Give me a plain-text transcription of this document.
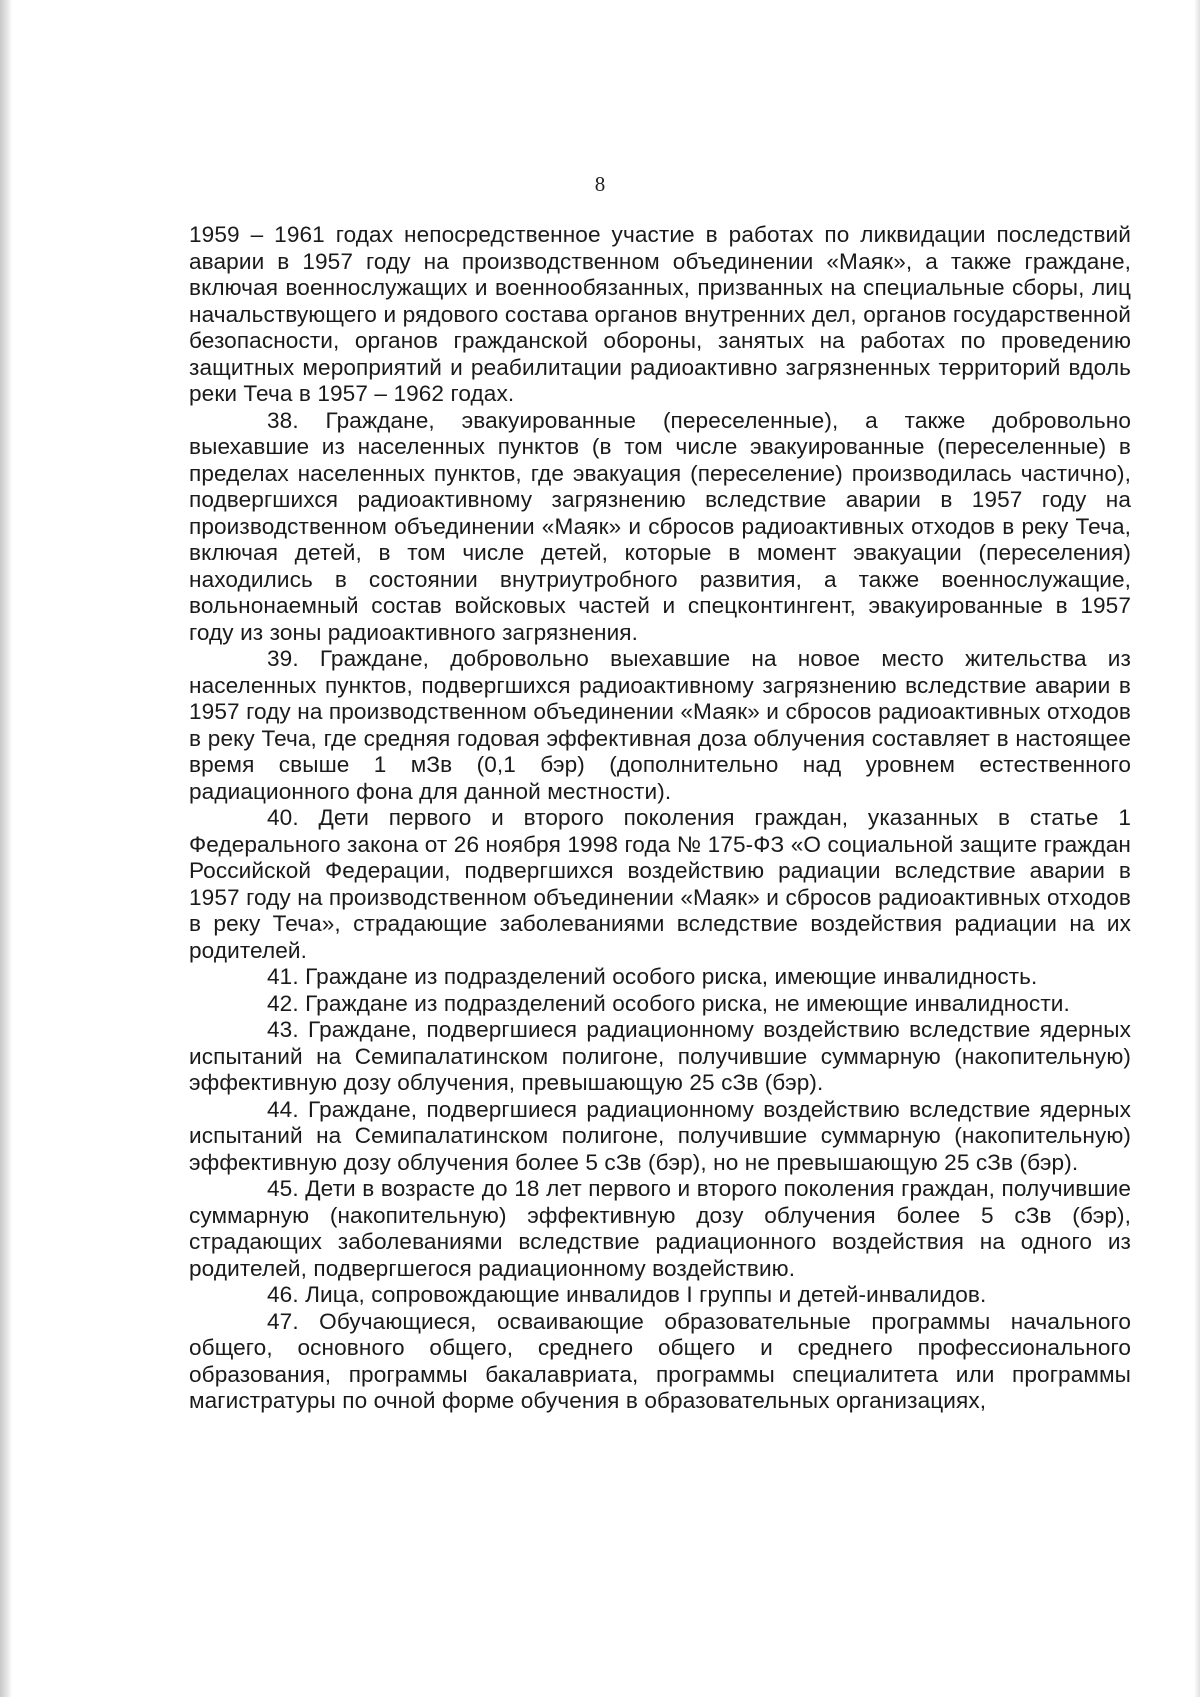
8

1959 – 1961 годах непосредственное участие в работах по ликвидации последствий аварии в 1957 году на производственном объединении «Маяк», а также граждане, включая военнослужащих и военнообязанных, призванных на специальные сборы, лиц начальствующего и рядового состава органов внутренних дел, органов государственной безопасности, органов гражданской обороны, занятых на работах по проведению защитных мероприятий и реабилитации радиоактивно загрязненных территорий вдоль реки Теча в 1957 – 1962 годах.

38. Граждане, эвакуированные (переселенные), а также добровольно выехавшие из населенных пунктов (в том числе эвакуированные (переселенные) в пределах населенных пунктов, где эвакуация (переселение) производилась частично), подвергшихся радиоактивному загрязнению вследствие аварии в 1957 году на производственном объединении «Маяк» и сбросов радиоактивных отходов в реку Теча, включая детей, в том числе детей, которые в момент эвакуации (переселения) находились в состоянии внутриутробного развития, а также военнослужащие, вольнонаемный состав войсковых частей и спецконтингент, эвакуированные в 1957 году из зоны радиоактивного загрязнения.

39. Граждане, добровольно выехавшие на новое место жительства из населенных пунктов, подвергшихся радиоактивному загрязнению вследствие аварии в 1957 году на производственном объединении «Маяк» и сбросов радиоактивных отходов в реку Теча, где средняя годовая эффективная доза облучения составляет в настоящее время свыше 1 мЗв (0,1 бэр) (дополнительно над уровнем естественного радиационного фона для данной местности).

40. Дети первого и второго поколения граждан, указанных в статье 1 Федерального закона от 26 ноября 1998 года № 175-ФЗ «О социальной защите граждан Российской Федерации, подвергшихся воздействию радиации вследствие аварии в 1957 году на производственном объединении «Маяк» и сбросов радиоактивных отходов в реку Теча», страдающие заболеваниями вследствие воздействия радиации на их родителей.

41. Граждане из подразделений особого риска, имеющие инвалидность.

42. Граждане из подразделений особого риска, не имеющие инвалидности.

43. Граждане, подвергшиеся радиационному воздействию вследствие ядерных испытаний на Семипалатинском полигоне, получившие суммарную (накопительную) эффективную дозу облучения, превышающую 25 сЗв (бэр).

44. Граждане, подвергшиеся радиационному воздействию вследствие ядерных испытаний на Семипалатинском полигоне, получившие суммарную (накопительную) эффективную дозу облучения более 5 сЗв (бэр), но не превышающую 25 сЗв (бэр).

45. Дети в возрасте до 18 лет первого и второго поколения граждан, получившие суммарную (накопительную) эффективную дозу облучения более 5 сЗв (бэр), страдающих заболеваниями вследствие радиационного воздействия на одного из родителей, подвергшегося радиационному воздействию.

46. Лица, сопровождающие инвалидов I группы и детей-инвалидов.

47. Обучающиеся, осваивающие образовательные программы начального общего, основного общего, среднего общего и среднего профессионального образования, программы бакалавриата, программы специалитета или программы магистратуры по очной форме обучения в образовательных организациях,
